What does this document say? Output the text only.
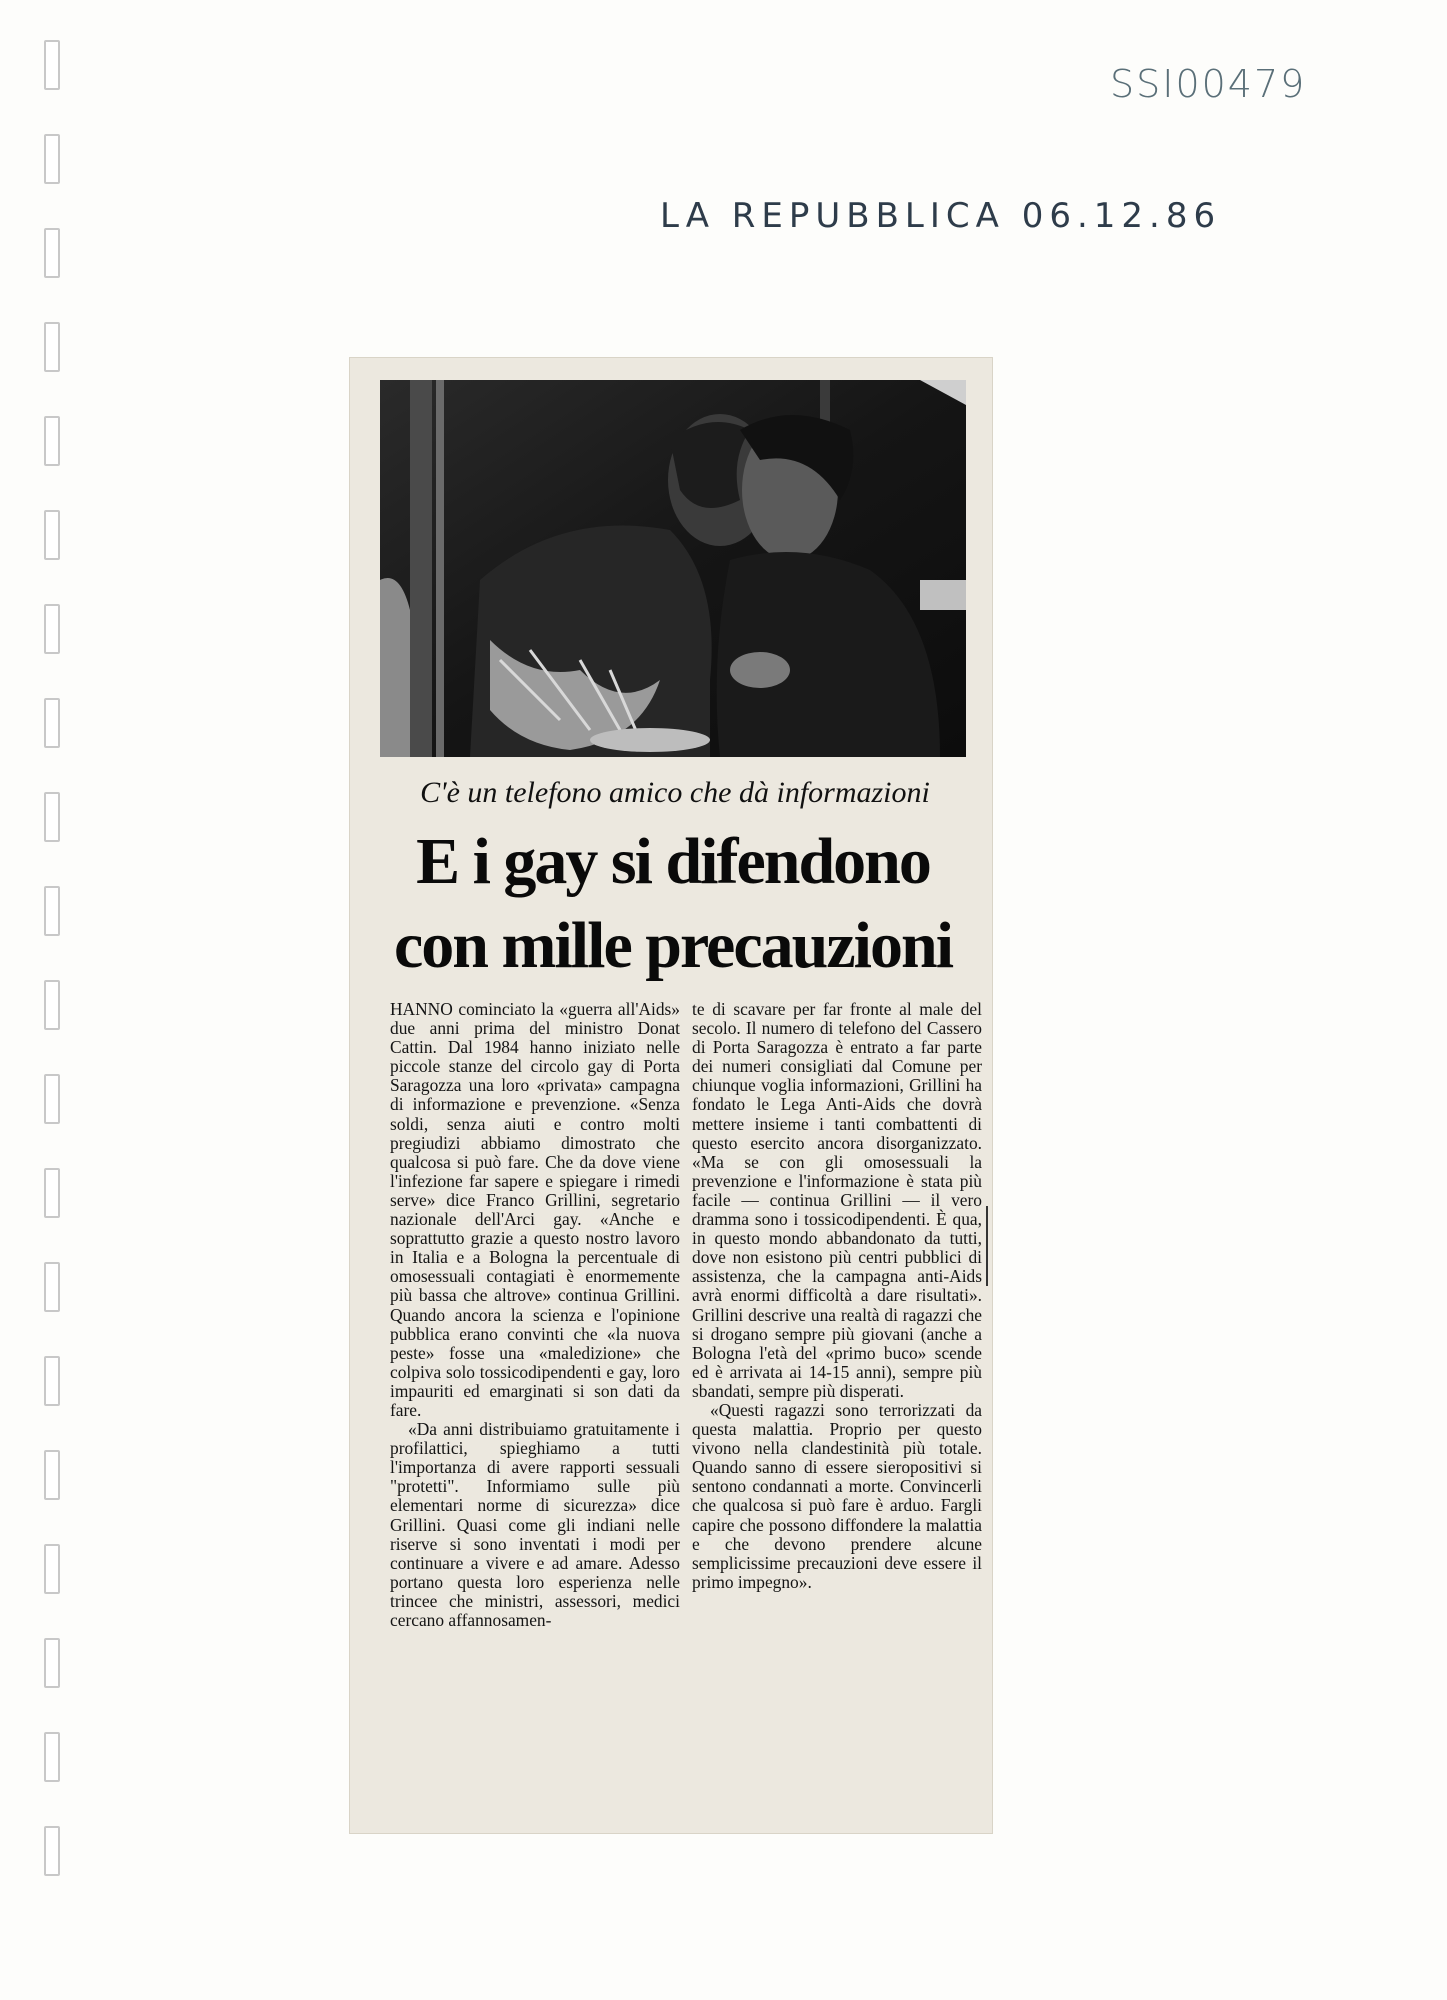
SSI00479
LA REPUBBLICA 06.12.86
C'è un telefono amico che dà informazioni
E i gay si difendono
con mille precauzioni

HANNO cominciato la «guerra all'Aids» due anni prima del ministro Donat Cattin. Dal 1984 hanno iniziato nelle piccole stanze del circolo gay di Porta Saragozza una loro «privata» campagna di informazione e prevenzione. «Senza soldi, senza aiuti e contro molti pregiudizi abbiamo dimostrato che qualcosa si può fare. Che da dove viene l'infezione far sapere e spiegare i rimedi serve» dice Franco Grillini, segretario nazionale dell'Arci gay. «Anche e soprattutto grazie a questo nostro lavoro in Italia e a Bologna la percentuale di omosessuali contagiati è enormemente più bassa che altrove» continua Grillini. Quando ancora la scienza e l'opinione pubblica erano convinti che «la nuova peste» fosse una «maledizione» che colpiva solo tossicodipendenti e gay, loro impauriti ed emarginati si son dati da fare.

«Da anni distribuiamo gratuitamente i profilattici, spieghiamo a tutti l'importanza di avere rapporti sessuali "protetti". Informiamo sulle più elementari norme di sicurezza» dice Grillini. Quasi come gli indiani nelle riserve si sono inventati i modi per continuare a vivere e ad amare. Adesso portano questa loro esperienza nelle trincee che ministri, assessori, medici cercano affannosamen-

te di scavare per far fronte al male del secolo. Il numero di telefono del Cassero di Porta Saragozza è entrato a far parte dei numeri consigliati dal Comune per chiunque voglia informazioni, Grillini ha fondato le Lega Anti-Aids che dovrà mettere insieme i tanti combattenti di questo esercito ancora disorganizzato. «Ma se con gli omosessuali la prevenzione e l'informazione è stata più facile — continua Grillini — il vero dramma sono i tossicodipendenti. È qua, in questo mondo abbandonato da tutti, dove non esistono più centri pubblici di assistenza, che la campagna anti-Aids avrà enormi difficoltà a dare risultati». Grillini descrive una realtà di ragazzi che si drogano sempre più giovani (anche a Bologna l'età del «primo buco» scende ed è arrivata ai 14-15 anni), sempre più sbandati, sempre più disperati.

«Questi ragazzi sono terrorizzati da questa malattia. Proprio per questo vivono nella clandestinità più totale. Quando sanno di essere sieropositivi si sentono condannati a morte. Convincerli che qualcosa si può fare è arduo. Fargli capire che possono diffondere la malattia e che devono prendere alcune semplicissime precauzioni deve essere il primo impegno».
